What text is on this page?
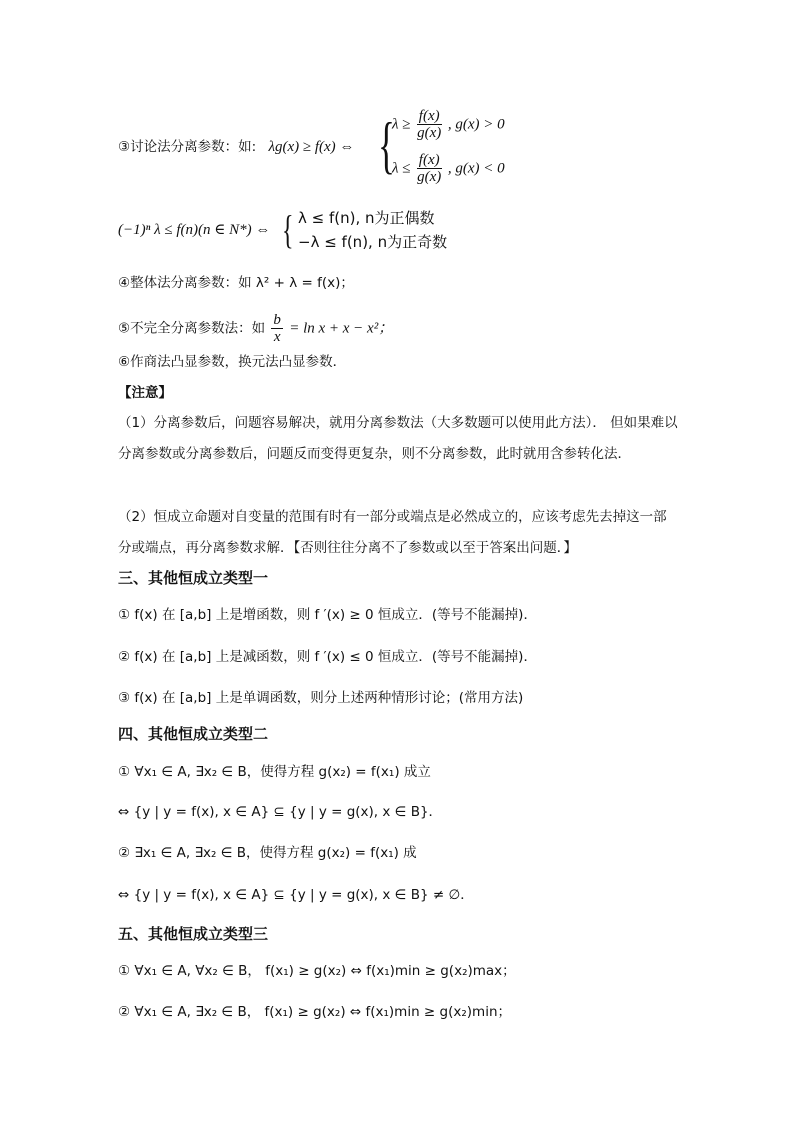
③讨论法分离参数：如: λg(x) ≥ f(x) ⇔ {
$\lambda \ge \frac{f(x)}{g(x)}$ , g(x) > 0
$\lambda \le \frac{f(x)}{g(x)}$ , g(x) < 0
(−1)ⁿ λ ≤ f(n)(n ∈ N*) ⇔ { λ ≤ f(n), n为正偶数
−λ ≤ f(n), n为正奇数
④整体法分离参数：如 λ² + λ = f(x)；
⑤不完全分离参数法：如 $\frac{b}{x} = \ln x + x - x^2$；
⑥作商法凸显参数，换元法凸显参数．
【注意】
（1）分离参数后，问题容易解决，就用分离参数法（大多数题可以使用此方法）． 但如果难以分离参数或分离参数后，问题反而变得更复杂，则不分离参数，此时就用含参转化法．
（2）恒成立命题对自变量的范围有时有一部分或端点是必然成立的，应该考虑先去掉这一部分或端点，再分离参数求解．【否则往往分离不了参数或以至于答案出问题．】
三、其他恒成立类型一
① f(x) 在 [a,b] 上是增函数，则 f ′(x) ≥ 0 恒成立．(等号不能漏掉)．
② f(x) 在 [a,b] 上是减函数，则 f ′(x) ≤ 0 恒成立．(等号不能漏掉)．
③ f(x) 在 [a,b] 上是单调函数，则分上述两种情形讨论；(常用方法)
四、其他恒成立类型二
① ∀x₁ ∈ A, ∃x₂ ∈ B，使得方程 g(x₂) = f(x₁) 成立
⇔ {y | y = f(x), x ∈ A} ⊆ {y | y = g(x), x ∈ B}．
② ∃x₁ ∈ A, ∃x₂ ∈ B，使得方程 g(x₂) = f(x₁) 成
⇔ {y | y = f(x), x ∈ A} ⊆ {y | y = g(x), x ∈ B} ≠ ∅．
五、其他恒成立类型三
① ∀x₁ ∈ A, ∀x₂ ∈ B， f(x₁) ≥ g(x₂) ⇔ f(x₁)min ≥ g(x₂)max；
② ∀x₁ ∈ A, ∃x₂ ∈ B， f(x₁) ≥ g(x₂) ⇔ f(x₁)min ≥ g(x₂)min；
